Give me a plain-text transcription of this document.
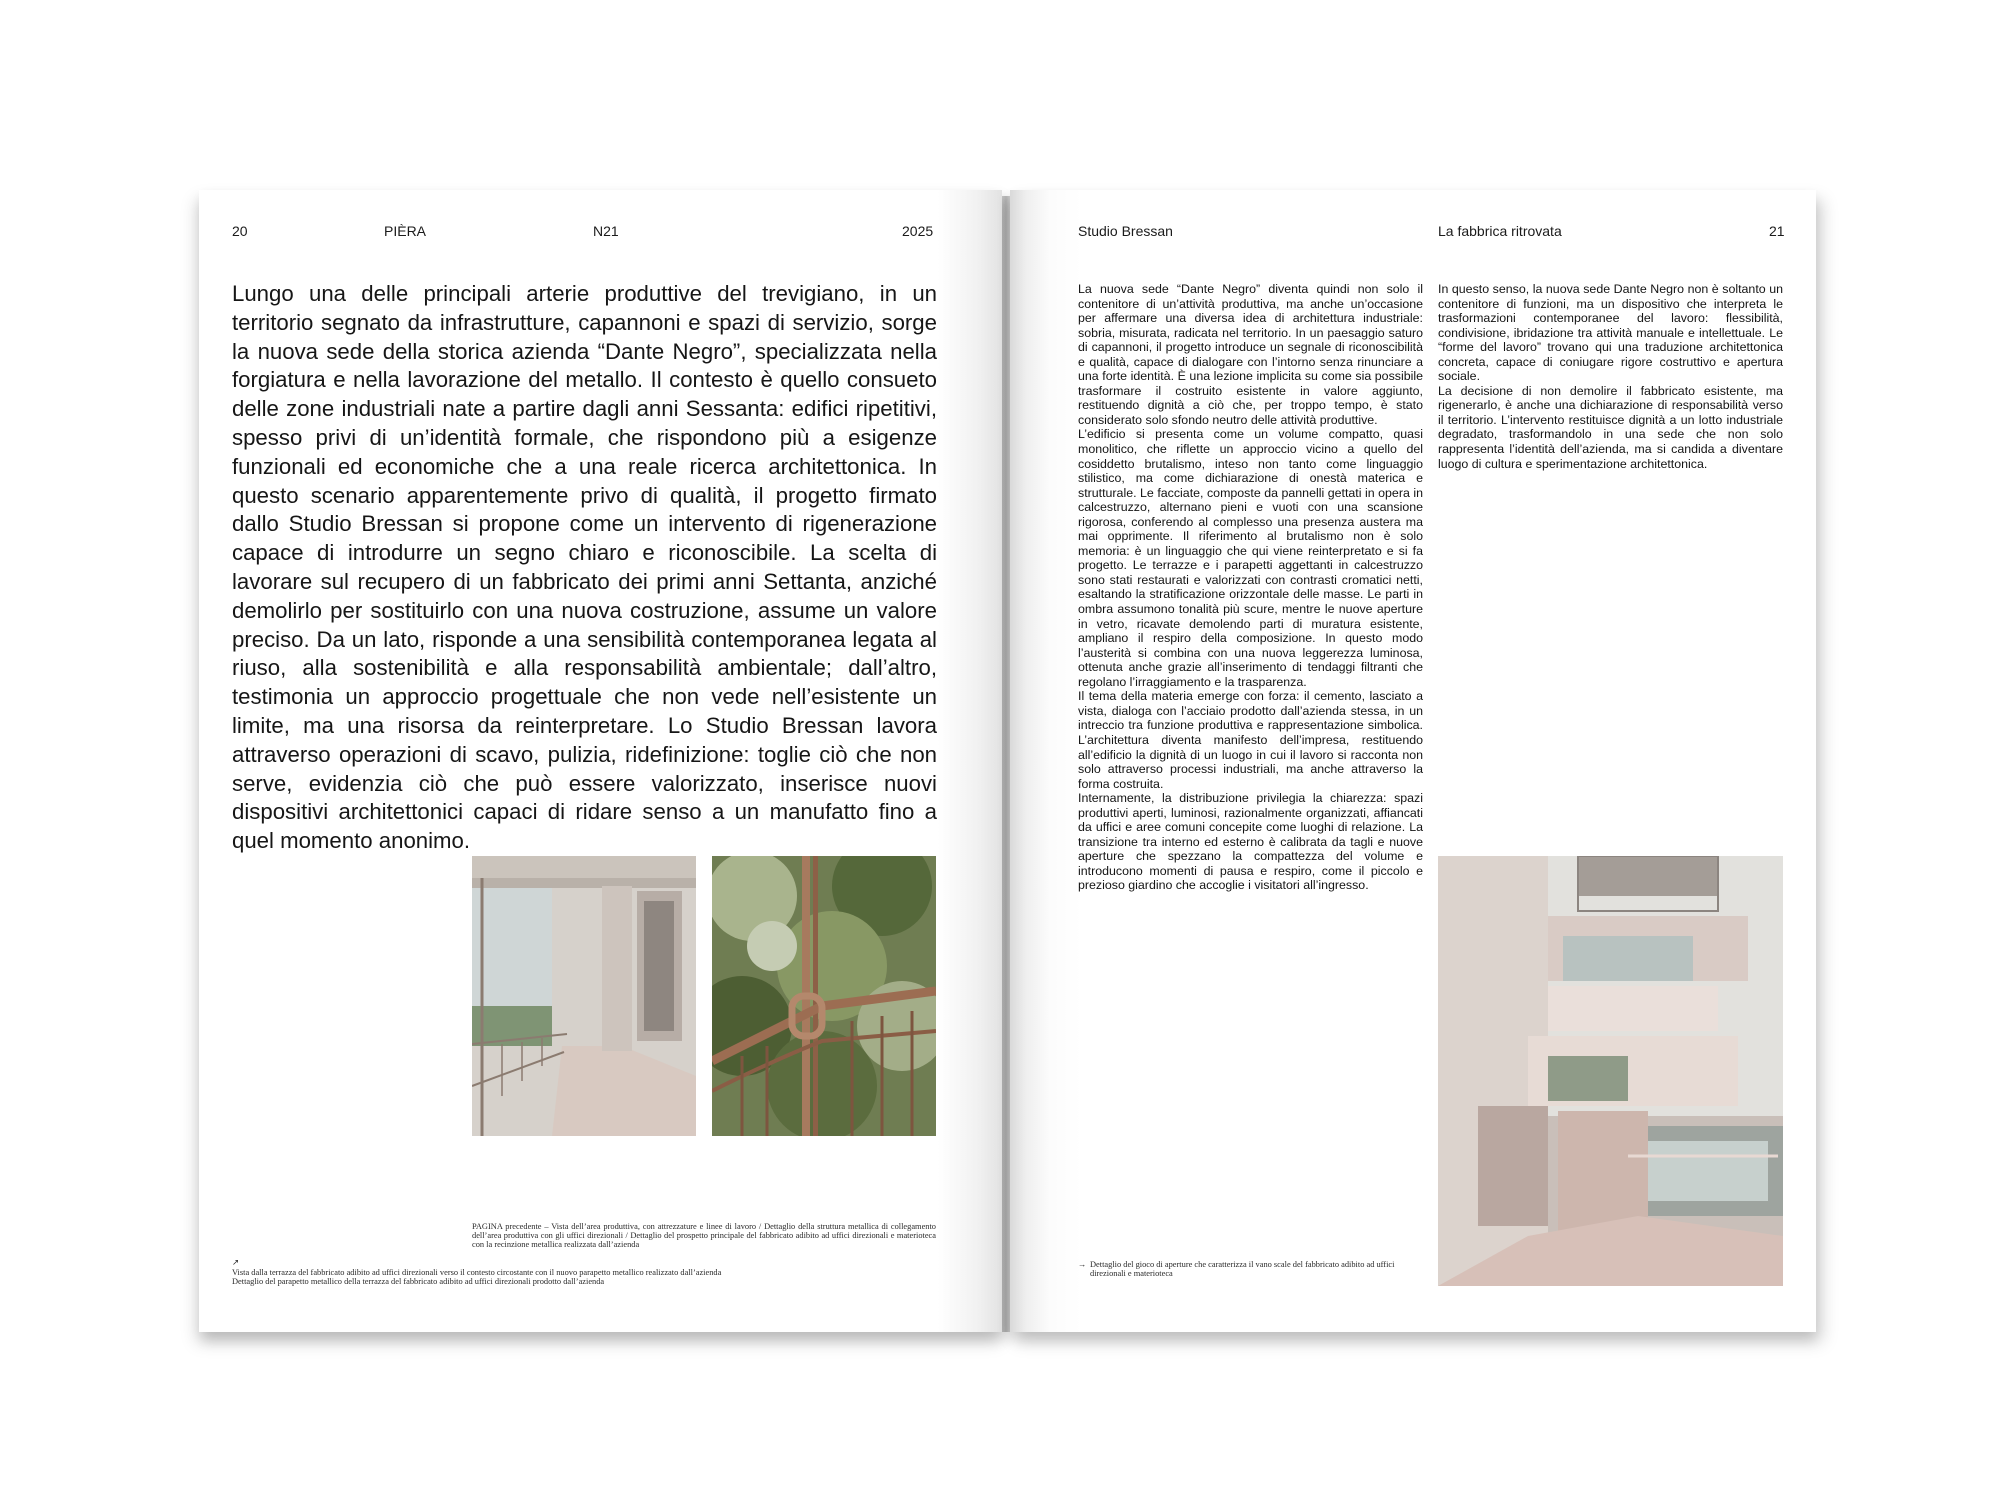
20	PIÈRA	N21	2025

Lungo una delle principali arterie produttive del trevigiano, in un territorio segnato da infrastrutture, capannoni e spazi di servizio, sorge la nuova sede della storica azienda “Dante Negro”, specializzata nella forgiatura e nella lavorazione del metallo. Il contesto è quello consueto delle zone industriali nate a partire dagli anni Sessanta: edifici ripetitivi, spesso privi di un’identità formale, che rispondono più a esigenze funzionali ed economiche che a una reale ricerca architettonica. In questo scenario apparentemente privo di qualità, il progetto firmato dallo Studio Bressan si propone come un intervento di rigenerazione capace di introdurre un segno chiaro e riconoscibile. La scelta di lavorare sul recupero di un fabbricato dei primi anni Settanta, anziché demolirlo per sostituirlo con una nuova costruzione, assume un valore preciso. Da un lato, risponde a una sensibilità contemporanea legata al riuso, alla sostenibilità e alla responsabilità ambientale; dall’altro, testimonia un approccio progettuale che non vede nell’esistente un limite, ma una risorsa da reinterpretare. Lo Studio Bressan lavora attraverso operazioni di scavo, pulizia, ridefinizione: toglie ciò che non serve, evidenzia ciò che può essere valorizzato, inserisce nuovi dispositivi architettonici capaci di ridare senso a un manufatto fino a quel momento anonimo.

PAGINA precedente – Vista dell’area produttiva, con attrezzature e linee di lavoro / Dettaglio della struttura metallica di collegamento dell’area produttiva con gli uffici direzionali / Dettaglio del prospetto principale del fabbricato adibito ad uffici direzionali e materioteca con la recinzione metallica realizzata dall’azienda

↗

Vista dalla terrazza del fabbricato adibito ad uffici direzionali verso il contesto circostante con il nuovo parapetto metallico realizzato dall’azienda

Dettaglio del parapetto metallico della terrazza del fabbricato adibito ad uffici direzionali prodotto dall’azienda

Studio Bressan	La fabbrica ritrovata	21

La nuova sede “Dante Negro” diventa quindi non solo il contenitore di un’attività produttiva, ma anche un’occasione per affermare una diversa idea di architettura industriale: sobria, misurata, radicata nel territorio. In un paesaggio saturo di capannoni, il progetto introduce un segnale di riconoscibilità e qualità, capace di dialogare con l’intorno senza rinunciare a una forte identità. È una lezione implicita su come sia possibile trasformare il costruito esistente in valore aggiunto, restituendo dignità a ciò che, per troppo tempo, è stato considerato solo sfondo neutro delle attività produttive.

L’edificio si presenta come un volume compatto, quasi monolitico, che riflette un approccio vicino a quello del cosiddetto brutalismo, inteso non tanto come linguaggio stilistico, ma come dichiarazione di onestà materica e strutturale. Le facciate, composte da pannelli gettati in opera in calcestruzzo, alternano pieni e vuoti con una scansione rigorosa, conferendo al complesso una presenza austera ma mai opprimente. Il riferimento al brutalismo non è solo memoria: è un linguaggio che qui viene reinterpretato e si fa progetto. Le terrazze e i parapetti aggettanti in calcestruzzo sono stati restaurati e valorizzati con contrasti cromatici netti, esaltando la stratificazione orizzontale delle masse. Le parti in ombra assumono tonalità più scure, mentre le nuove aperture in vetro, ricavate demolendo parti di muratura esistente, ampliano il respiro della composizione. In questo modo l’austerità si combina con una nuova leggerezza luminosa, ottenuta anche grazie all’inserimento di tendaggi filtranti che regolano l’irraggiamento e la trasparenza.

Il tema della materia emerge con forza: il cemento, lasciato a vista, dialoga con l’acciaio prodotto dall’azienda stessa, in un intreccio tra funzione produttiva e rappresentazione simbolica. L’architettura diventa manifesto dell’impresa, restituendo all’edificio la dignità di un luogo in cui il lavoro si racconta non solo attraverso processi industriali, ma anche attraverso la forma costruita.

Internamente, la distribuzione privilegia la chiarezza: spazi produttivi aperti, luminosi, razionalmente organizzati, affiancati da uffici e aree comuni concepite come luoghi di relazione. La transizione tra interno ed esterno è calibrata da tagli e nuove aperture che spezzano la compattezza del volume e introducono momenti di pausa e respiro, come il piccolo e prezioso giardino che accoglie i visitatori all’ingresso.

In questo senso, la nuova sede Dante Negro non è soltanto un contenitore di funzioni, ma un dispositivo che interpreta le trasformazioni contemporanee del lavoro: flessibilità, condivisione, ibridazione tra attività manuale e intellettuale. Le “forme del lavoro” trovano qui una traduzione architettonica concreta, capace di coniugare rigore costruttivo e apertura sociale.

La decisione di non demolire il fabbricato esistente, ma rigenerarlo, è anche una dichiarazione di responsabilità verso il territorio. L’intervento restituisce dignità a un lotto industriale degradato, trasformandolo in una sede che non solo rappresenta l’identità dell’azienda, ma si candida a diventare luogo di cultura e sperimentazione architettonica.

→ Dettaglio del gioco di aperture che caratterizza il vano scale del fabbricato adibito ad uffici direzionali e materioteca
